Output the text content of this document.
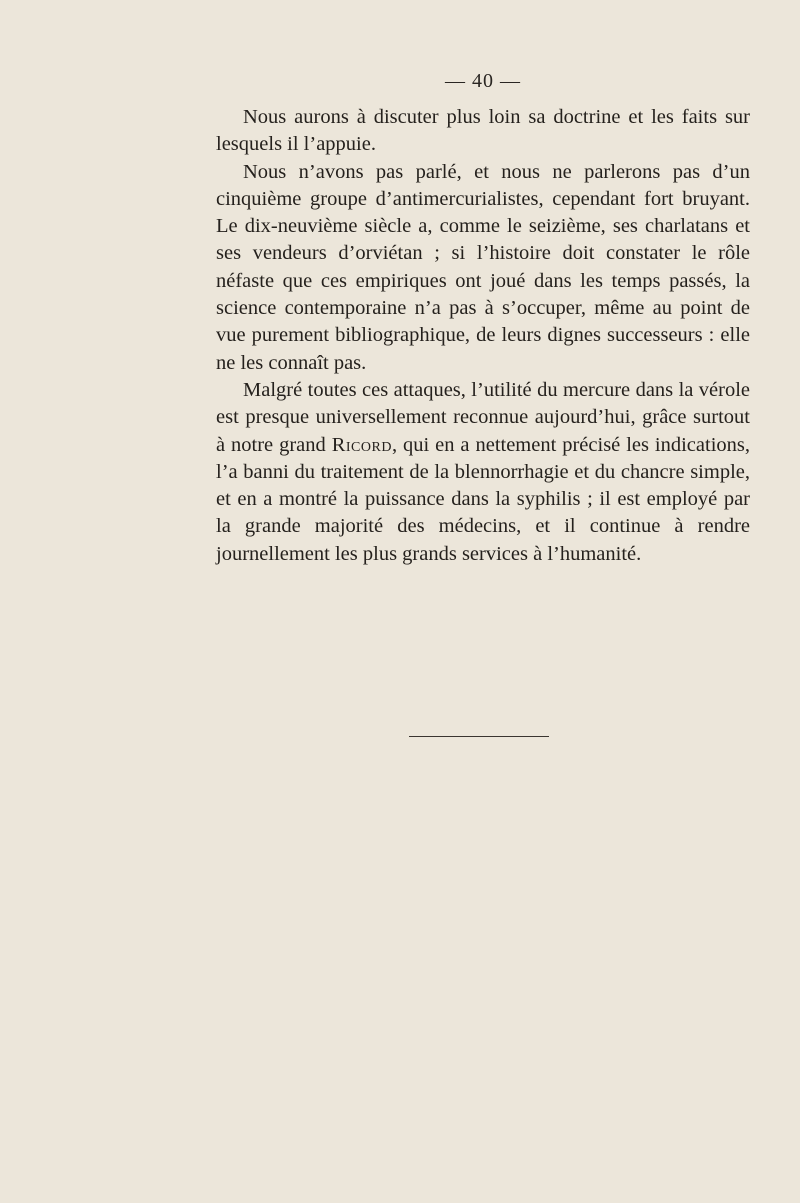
— 40 —

Nous aurons à discuter plus loin sa doctrine et les faits sur lesquels il l’appuie.

Nous n’avons pas parlé, et nous ne parlerons pas d’un cinquième groupe d’antimercurialistes, cependant fort bruyant. Le dix-neuvième siècle a, comme le seizième, ses charlatans et ses vendeurs d’orviétan ; si l’histoire doit constater le rôle néfaste que ces empiriques ont joué dans les temps passés, la science contemporaine n’a pas à s’occuper, même au point de vue purement bibliographique, de leurs dignes successeurs : elle ne les connaît pas.

Malgré toutes ces attaques, l’utilité du mercure dans la vérole est presque universellement reconnue aujourd’hui, grâce surtout à notre grand Ricord, qui en a nettement précisé les indications, l’a banni du traitement de la blennorrhagie et du chancre simple, et en a montré la puissance dans la syphilis ; il est employé par la grande majorité des médecins, et il continue à rendre journellement les plus grands services à l’humanité.
